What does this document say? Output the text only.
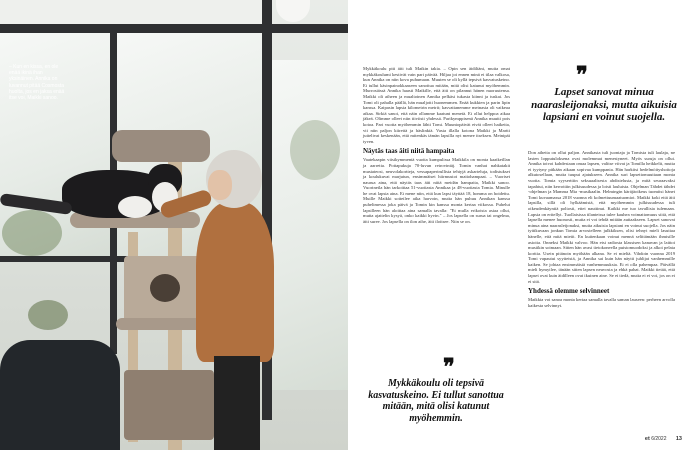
– Kun en kissa, en ole enää ikinä ihan yksinäinen. Annika on luvannut pitää Cosmosta huolta, jos en jaksa enää itse voi, Maikki sanoo.

Mykkäkoulu piti äiti tuli Maikin takia. – Opin sen äidiltäni, mutta omat mykkäkoulumi kestivät vain pari päivää. Hiljaa joi ennen minä ei tilaa valkosa, kun Annika on niin kova puhumaan. Muuten se oli kyllä tepsivä kasvatuskeino. Ei tullut käsinpainokkaaseen sanottua mitään, mitä olisi katunut myöhemmin. Murrosiässä Annika haasti Maikille, että äiti on pilannut hänen nuoruutensa. Maikki oli aiheen ja mualtoinen Annika pelkäsi tukasta kiinni ja tuskai. Jos Tomi oli pahalla päällä, hän mualjotti huonemmen. Enää kukkien ja parin lipin kanssa. Kaipasin lapsia kilometrin metrit; kasvattanemme meinasta oli vaikeaa aikaa. Sirkiä sanoi, että näin ollamme kaatunt menetä. Ei ollut helppoa aikaa jäkeä. Olimme olleet niin tiiviisti yhdessä. Parikymppisenä Annika muutti pois kotoa. Pari vuotta myöhemmin lähti Tomi. Muuntopäivät eivät olleet haikeita, vii niin paljon kiirettä ja häslinkiä. Vasta illalla kotona Maikki ja Martti juttelivat keskenään, että mitenkäs tämän lapsilla nyt menee itseksen. Meinipäi tyven.

Näytäs taas äiti niitä hampaita

Vaatekaapin viisikymmentä vuotta kumpulissa Maikkila on monta kaatkeillan ja aarretta. Pottapukuja 70-luvun retrovintäj. Tomin vanhat nahkatakit mustateosi, neuvolakortteja, vessapaperirullista tehtyjä askarteluja, todistukset ja koulukuvat marjutun, ensimmäiset hiirmustot maitohampaat. – Vuoriset naurua aina, että näytäs taas äiti niitä meidän hampaita, Maikki sanoo. Vuorineila hän tarkoittaa 51-vuotiasta Annikaa ja 48-vuotiasta Tomia. Minulle he ovat lapsia aina. Ei mene niin, että kun lapsi täyttää 18, homma on hoidettu. Muille Maikki sotteilee aika harvoin, mutta hän puhuu Annikan kanssa puhelimessa joka päivä ja Tomin kin kanssa monta kertaa viikossa. Puhelut lapsilleen hän aloittaa aina samalla tavalla: "Et mulla erikoista asiaa ollut, mutta ajattelin kysyä, onko kaikki hyvin." – Jos lapsella on surua tai ongelma, äiti suree. Jos lapsella on ilon aihe, äiti iloitsee. Niin se on.

❞
Mykkäkoulu oli tepsivä kasvatuskeino. Ei tullut sanottua mitään, mitä olisi katunut myöhemmin.
❞
Lapset sanovat minua naarasleijonaksi, mutta aikuisia lapsiani en voinut suojella.

Don aiheita on ollut paljon. Annikasta tuli juontaja ja Tomista tuli laulaja, ne lasten lopputuloksena ovat molemmat menestyneet. Myös suruja on ollut. Annika toivoi kahdestaan omaa lapsen, valitse viivat ja Tomilla heikkelit, mutta ei tyytyny pitkään aikaan sopivaa kumppania. Hän harkitsi hedelmöityshoitoja alkutosellaan, mutta tuupui ajatukseen. Annika suri lapsettomuuttaan monta vuotta. Tomia syyserttiin seksuaalisesta ahdistelusta, ja mitä seuraavaksi tapahtui, niin kerrottiin julkisuudessa ja loisti lauluista. Ohjelman Tähdet tähdet -ohjelman ja Mamma Mia -musikaalin. Helmingin käräjäoikeus tuomitsi hänet Tomi kuvaamassa 2018 vuonna eli kolmettuumaatuomiot. Maikki koki että äiti lapsilla, sillä oli hylkäämistä, että myöhemmin julkisuudessa tuli oikeudenkäyntiä poltosti, ettei nauttinut. Kaikki me tuo tavallisia tulemaan. Lapsia on eritellyt. Tuollaisissa tilanteissa tulee kauhea voimattomuus siitä, että lapsella menee huonosti, mutta ei voi tehdä mitään auttaakseen. Lapset sanovat minua aina naarasleijonaksi, mutta aikuisia lapsiani en voinut suojella. Jos näin tyttikuvaan jonkun Tomia arvostelleen julkkiksen, olisi tehnyt mieli lasuttaa hänelle, että mitä mietit. En kuitenkaan voinut mennä selittämään ihmisille asioita. Onneksi Maikki valvoo. Hän etsi radiosta klassisen kanavan ja laittoi musiikin soimaan. Sitten hän avasi tietokoneella puistomuodoksi ja alkoi pelata korttia. Usein pitänoin myöhään alkana. Se ei mieltä. Vihdoin vuonna 2019 Tomi vapautui syytteistä, ja Annika sai kuin hän näytti juhlijat vanhemmille kaiken. Se johtaa ensimmäisiä vanhemmuuksia. Ei ei olla pahempaa. Päivällä mieli hymyilee, tänään sitten lapsen neuvosta ja ehkä pahat. Maikki tietää, että lapset ovat kuin äidilleen ovat ikuinen aine. Se ei tiedä, mutta ei ei voi, jos on ei ei sitä.

Yhdessä olemme selvinneet

Maikkia voi sanoa monta kertaa samalla tavalla saman lauseen: perheen arvolla kaikesta selvinnyt.

et 6/2022 13
